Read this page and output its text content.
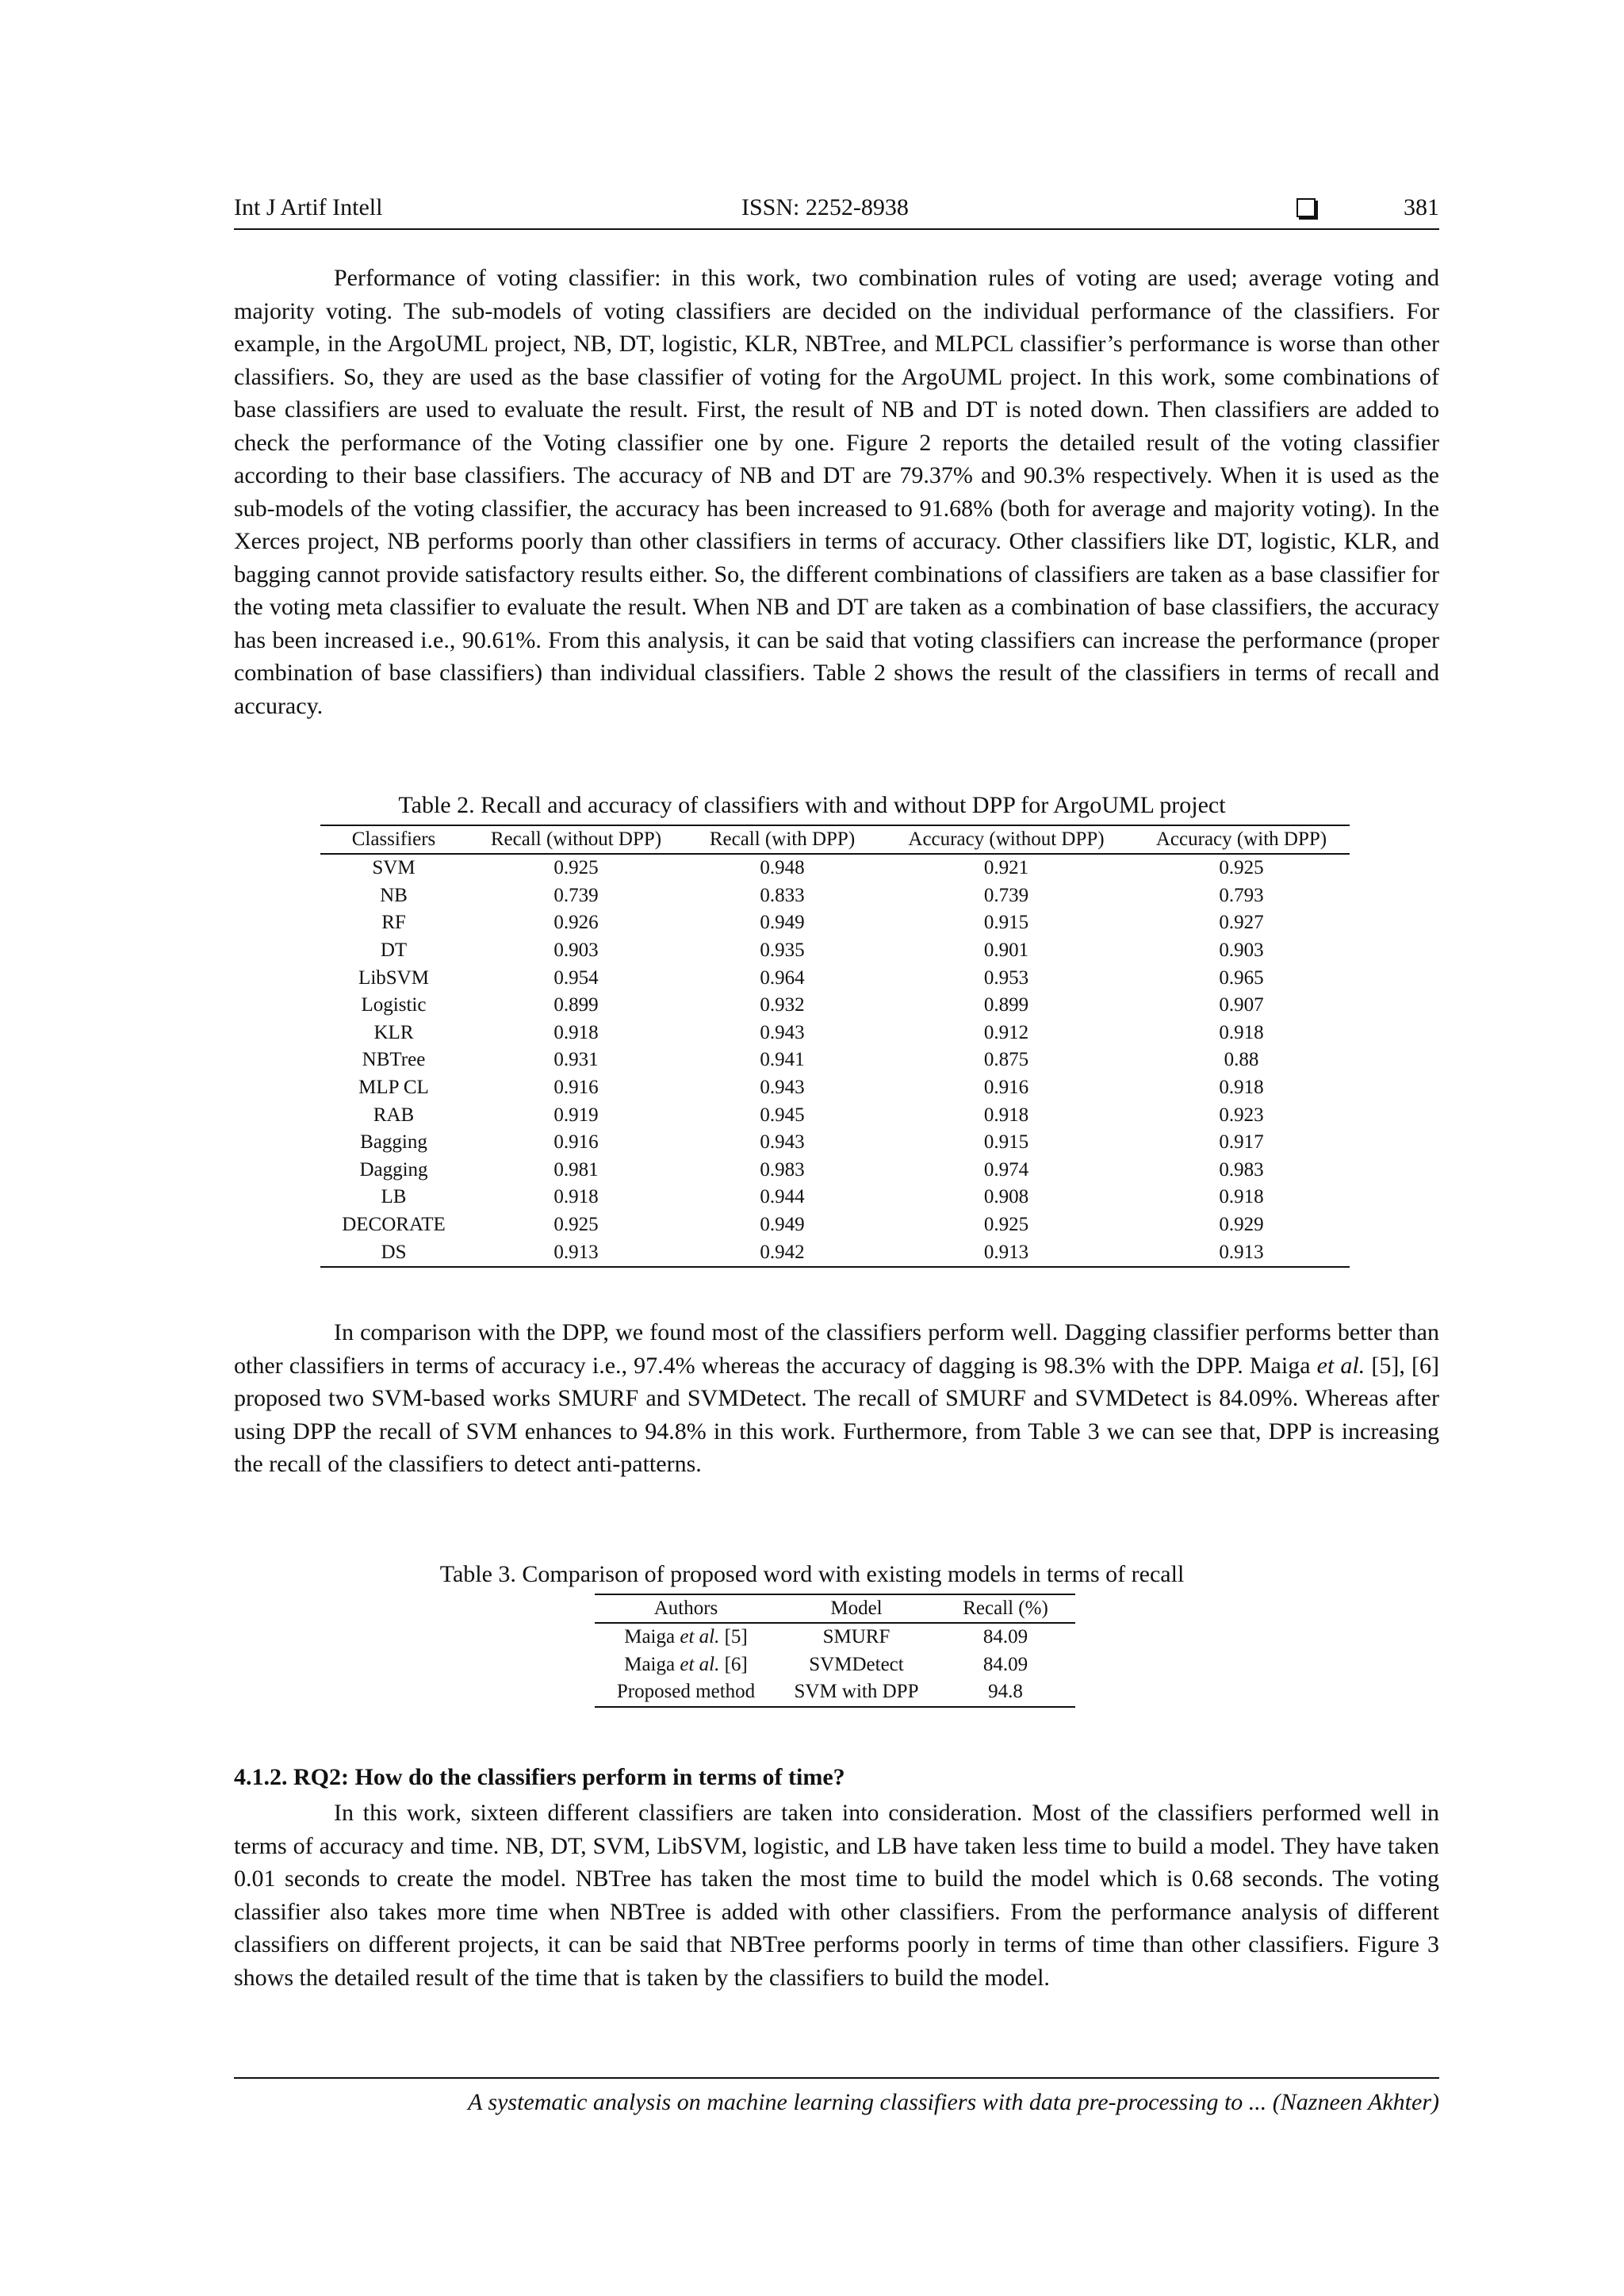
Int J Artif Intell	ISSN: 2252-8938	381

Performance of voting classifier: in this work, two combination rules of voting are used; average voting and majority voting. The sub-models of voting classifiers are decided on the individual performance of the classifiers. For example, in the ArgoUML project, NB, DT, logistic, KLR, NBTree, and MLPCL classifier’s performance is worse than other classifiers. So, they are used as the base classifier of voting for the ArgoUML project. In this work, some combinations of base classifiers are used to evaluate the result. First, the result of NB and DT is noted down. Then classifiers are added to check the performance of the Voting classifier one by one. Figure 2 reports the detailed result of the voting classifier according to their base classifiers. The accuracy of NB and DT are 79.37% and 90.3% respectively. When it is used as the sub-models of the voting classifier, the accuracy has been increased to 91.68% (both for average and majority voting). In the Xerces project, NB performs poorly than other classifiers in terms of accuracy. Other classifiers like DT, logistic, KLR, and bagging cannot provide satisfactory results either. So, the different combinations of classifiers are taken as a base classifier for the voting meta classifier to evaluate the result. When NB and DT are taken as a combination of base classifiers, the accuracy has been increased i.e., 90.61%. From this analysis, it can be said that voting classifiers can increase the performance (proper combination of base classifiers) than individual classifiers. Table 2 shows the result of the classifiers in terms of recall and accuracy.

Table 2. Recall and accuracy of classifiers with and without DPP for ArgoUML project
Classifiers	Recall (without DPP)	Recall (with DPP)	Accuracy (without DPP)	Accuracy (with DPP)
SVM	0.925	0.948	0.921	0.925
NB	0.739	0.833	0.739	0.793
RF	0.926	0.949	0.915	0.927
DT	0.903	0.935	0.901	0.903
LibSVM	0.954	0.964	0.953	0.965
Logistic	0.899	0.932	0.899	0.907
KLR	0.918	0.943	0.912	0.918
NBTree	0.931	0.941	0.875	0.88
MLP CL	0.916	0.943	0.916	0.918
RAB	0.919	0.945	0.918	0.923
Bagging	0.916	0.943	0.915	0.917
Dagging	0.981	0.983	0.974	0.983
LB	0.918	0.944	0.908	0.918
DECORATE	0.925	0.949	0.925	0.929
DS	0.913	0.942	0.913	0.913

In comparison with the DPP, we found most of the classifiers perform well. Dagging classifier performs better than other classifiers in terms of accuracy i.e., 97.4% whereas the accuracy of dagging is 98.3% with the DPP. Maiga et al. [5], [6] proposed two SVM-based works SMURF and SVMDetect. The recall of SMURF and SVMDetect is 84.09%. Whereas after using DPP the recall of SVM enhances to 94.8% in this work. Furthermore, from Table 3 we can see that, DPP is increasing the recall of the classifiers to detect anti-patterns.

Table 3. Comparison of proposed word with existing models in terms of recall
Authors	Model	Recall (%)
Maiga et al. [5]	SMURF	84.09
Maiga et al. [6]	SVMDetect	84.09
Proposed method	SVM with DPP	94.8
4.1.2. RQ2: How do the classifiers perform in terms of time?

In this work, sixteen different classifiers are taken into consideration. Most of the classifiers performed well in terms of accuracy and time. NB, DT, SVM, LibSVM, logistic, and LB have taken less time to build a model. They have taken 0.01 seconds to create the model. NBTree has taken the most time to build the model which is 0.68 seconds. The voting classifier also takes more time when NBTree is added with other classifiers. From the performance analysis of different classifiers on different projects, it can be said that NBTree performs poorly in terms of time than other classifiers. Figure 3 shows the detailed result of the time that is taken by the classifiers to build the model.

A systematic analysis on machine learning classifiers with data pre-processing to ... (Nazneen Akhter)
